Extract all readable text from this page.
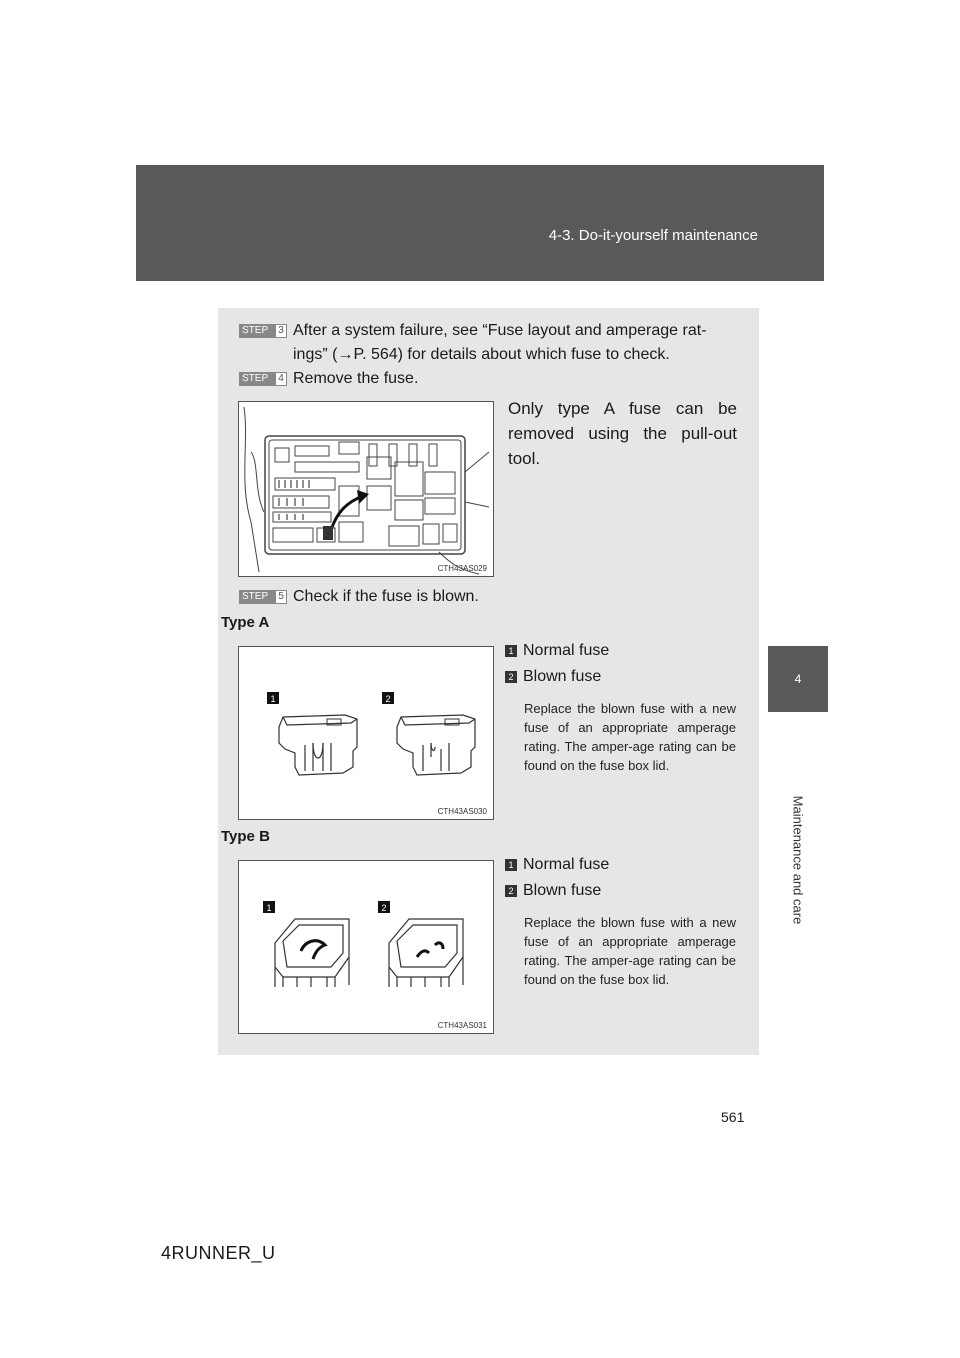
4-3. Do-it-yourself maintenance
4
Maintenance and care
STEP 3 After a system failure, see “Fuse layout and amperage rat-
ings” (→P. 564) for details about which fuse to check.
STEP 4 Remove the fuse.
CTH43AS029
Only type A fuse can be removed using the pull-out tool.
STEP 5 Check if the fuse is blown.
Type A
1	2
CTH43AS030
1 Normal fuse
2 Blown fuse
Replace the blown fuse with a new fuse of an appropriate amperage rating. The amper-age rating can be found on the fuse box lid.
Type B
1	2
CTH43AS031
1 Normal fuse
2 Blown fuse
Replace the blown fuse with a new fuse of an appropriate amperage rating. The amper-age rating can be found on the fuse box lid.
561
4RUNNER_U
